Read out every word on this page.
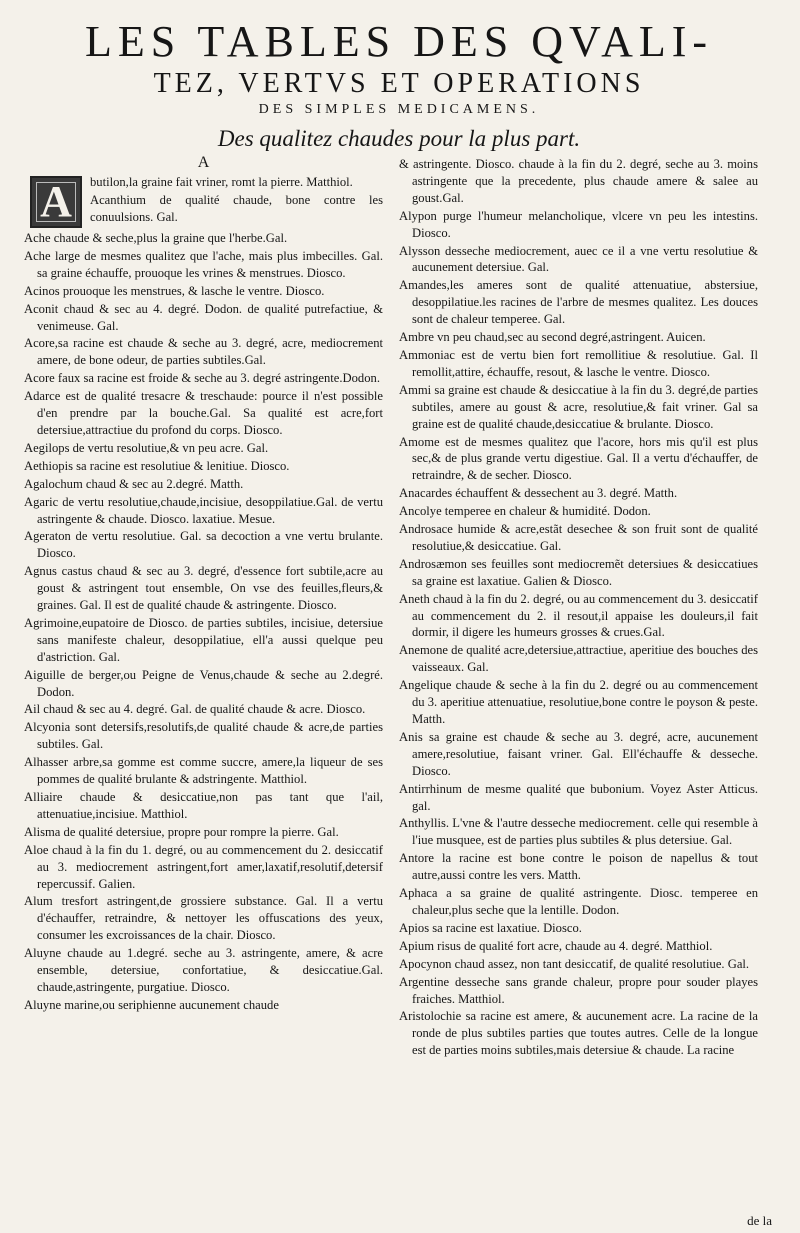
LES TABLES DES QVALI-
TEZ, VERTVS ET OPERATIONS
DES SIMPLES MEDICAMENS.
Des qualitez chaudes pour la plus part.
A
A	butilon,la graine fait vriner, romt la pierre. Matthiol.

Acanthium de qualité chaude, bone contre les conuulsions. Gal.

Ache chaude & seche,plus la graine que l'herbe.Gal.

Ache large de mesmes qualitez que l'ache, mais plus imbecilles. Gal. sa graine échauffe, prouoque les vrines & menstrues. Diosco.

Acinos prouoque les menstrues, & lasche le ventre. Diosco.

Aconit chaud & sec au 4. degré. Dodon. de qualité putrefactiue, & venimeuse. Gal.

Acore,sa racine est chaude & seche au 3. degré, acre, mediocrement amere, de bone odeur, de parties subtiles.Gal.

Acore faux sa racine est froide & seche au 3. degré astringente.Dodon.

Adarce est de qualité tresacre & treschaude: pource il n'est possible d'en prendre par la bouche.Gal. Sa qualité est acre,fort detersiue,attractiue du profond du corps. Diosco.

Aegilops de vertu resolutiue,& vn peu acre. Gal.

Aethiopis sa racine est resolutiue & lenitiue. Diosco.

Agalochum chaud & sec au 2.degré. Matth.

Agaric de vertu resolutiue,chaude,incisiue, desoppilatiue.Gal. de vertu astringente & chaude. Diosco. laxatiue. Mesue.

Ageraton de vertu resolutiue. Gal. sa decoction a vne vertu brulante. Diosco.

Agnus castus chaud & sec au 3. degré, d'essence fort subtile,acre au goust & astringent tout ensemble, On vse des feuilles,fleurs,& graines. Gal. Il est de qualité chaude & astringente. Diosco.

Agrimoine,eupatoire de Diosco. de parties subtiles, incisiue, detersiue sans manifeste chaleur, desoppilatiue, ell'a aussi quelque peu d'astriction. Gal.

Aiguille de berger,ou Peigne de Venus,chaude & seche au 2.degré. Dodon.

Ail chaud & sec au 4. degré. Gal. de qualité chaude & acre. Diosco.

Alcyonia sont detersifs,resolutifs,de qualité chaude & acre,de parties subtiles. Gal.

Alhasser arbre,sa gomme est comme succre, amere,la liqueur de ses pommes de qualité brulante & adstringente. Matthiol.

Alliaire chaude & desiccatiue,non pas tant que l'ail, attenuatiue,incisiue. Matthiol.

Alisma de qualité detersiue, propre pour rompre la pierre. Gal.

Aloe chaud à la fin du 1. degré, ou au commencement du 2. desiccatif au 3. mediocrement astringent,fort amer,laxatif,resolutif,detersif repercussif. Galien.

Alum tresfort astringent,de grossiere substance. Gal. Il a vertu d'échauffer, retraindre, & nettoyer les offuscations des yeux, consumer les excroissances de la chair. Diosco.

Aluyne chaude au 1.degré. seche au 3. astringente, amere, & acre ensemble, detersiue, confortatiue, & desiccatiue.Gal. chaude,astringente, purgatiue. Diosco.

Aluyne marine,ou seriphienne aucunement chaude

& astringente. Diosco. chaude à la fin du 2. degré, seche au 3. moins astringente que la precedente, plus chaude amere & salee au goust.Gal.

Alypon purge l'humeur melancholique, vlcere vn peu les intestins. Diosco.

Alysson desseche mediocrement, auec ce il a vne vertu resolutiue & aucunement detersiue. Gal.

Amandes,les ameres sont de qualité attenuatiue, abstersiue, desoppilatiue.les racines de l'arbre de mesmes qualitez. Les douces sont de chaleur temperee. Gal.

Ambre vn peu chaud,sec au second degré,astringent. Auicen.

Ammoniac est de vertu bien fort remollitiue & resolutiue. Gal. Il remollit,attire, échauffe, resout, & lasche le ventre. Diosco.

Ammi sa graine est chaude & desiccatiue à la fin du 3. degré,de parties subtiles, amere au goust & acre, resolutiue,& fait vriner. Gal sa graine est de qualité chaude,desiccatiue & brulante. Diosco.

Amome est de mesmes qualitez que l'acore, hors mis qu'il est plus sec,& de plus grande vertu digestiue. Gal. Il a vertu d'échauffer, de retraindre, & de secher. Diosco.

Anacardes échauffent & dessechent au 3. degré. Matth.

Ancolye temperee en chaleur & humidité. Dodon.

Androsace humide & acre,estãt desechee & son fruit sont de qualité resolutiue,& desiccatiue. Gal.

Androsæmon ses feuilles sont mediocremẽt detersiues & desiccatiues sa graine est laxatiue. Galien & Diosco.

Aneth chaud à la fin du 2. degré, ou au commencement du 3. desiccatif au commencement du 2. il resout,il appaise les douleurs,il fait dormir, il digere les humeurs grosses & crues.Gal.

Anemone de qualité acre,detersiue,attractiue, aperitiue des bouches des vaisseaux. Gal.

Angelique chaude & seche à la fin du 2. degré ou au commencement du 3. aperitiue attenuatiue, resolutiue,bone contre le poyson & peste. Matth.

Anis sa graine est chaude & seche au 3. degré, acre, aucunement amere,resolutiue, faisant vriner. Gal. Ell'échauffe & desseche. Diosco.

Antirrhinum de mesme qualité que bubonium. Voyez Aster Atticus. gal.

Anthyllis. L'vne & l'autre desseche mediocrement. celle qui resemble à l'iue musquee, est de parties plus subtiles & plus detersiue. Gal.

Antore la racine est bone contre le poison de napellus & tout autre,aussi contre les vers. Matth.

Aphaca a sa graine de qualité astringente. Diosc. temperee en chaleur,plus seche que la lentille. Dodon.

Apios sa racine est laxatiue. Diosco.

Apium risus de qualité fort acre, chaude au 4. degré. Matthiol.

Apocynon chaud assez, non tant desiccatif, de qualité resolutiue. Gal.

Argentine desseche sans grande chaleur, propre pour souder playes fraiches. Matthiol.

Aristolochie sa racine est amere, & aucunement acre. La racine de la ronde de plus subtiles parties que toutes autres. Celle de la longue est de parties moins subtiles,mais detersiue & chaude. La racine

de la
